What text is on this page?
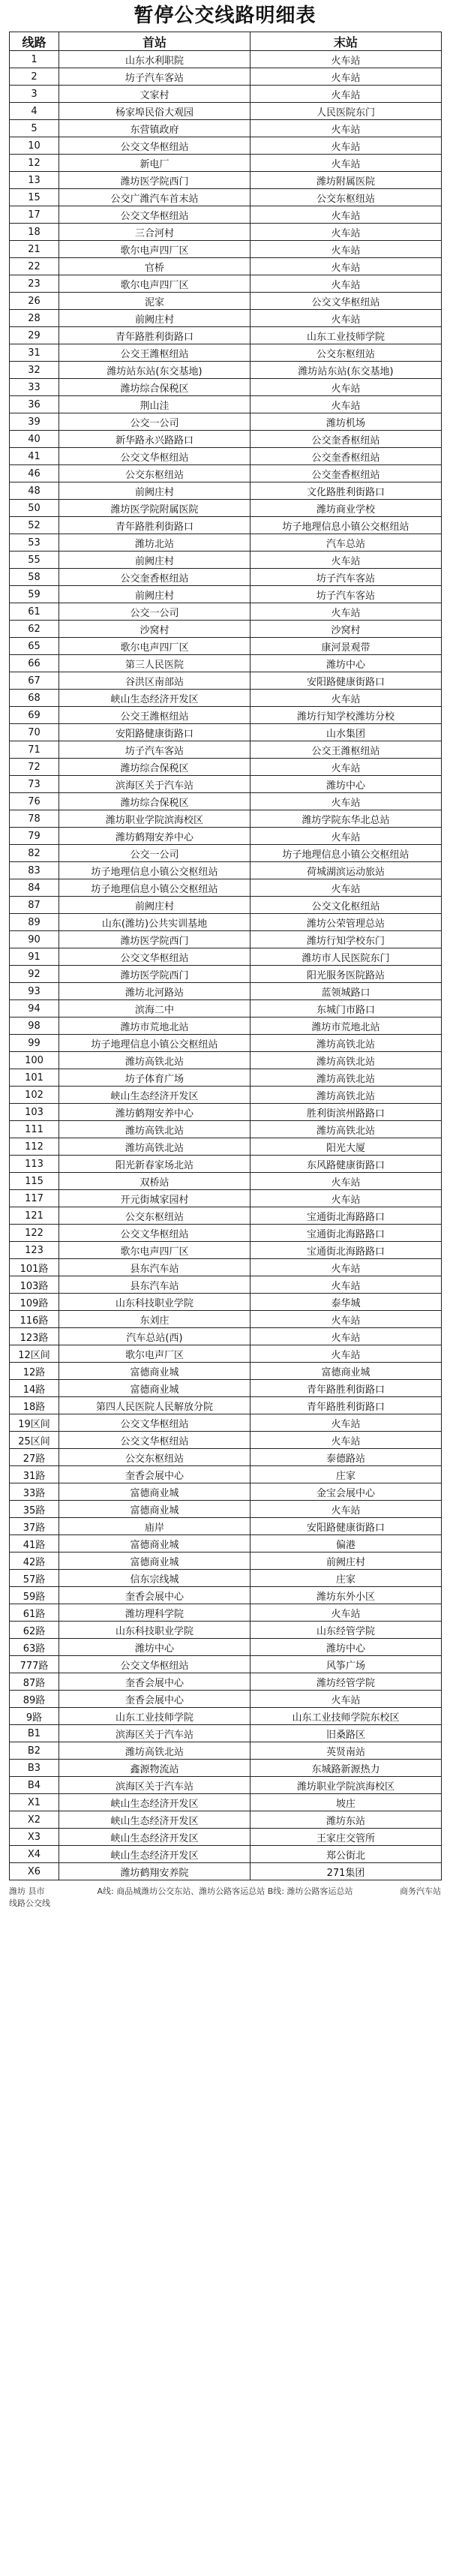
暂停公交线路明细表
线路	首站	末站
1	山东水利职院	火车站
2	坊子汽车客站	火车站
3	文家村	火车站
4	杨家埠民俗大观园	人民医院东门
5	东营镇政府	火车站
10	公交文华枢纽站	火车站
12	新电厂	火车站
13	潍坊医学院西门	潍坊附属医院
15	公交广潍汽车首末站	公交东枢纽站
17	公交文华枢纽站	火车站
18	三合河村	火车站
21	歌尔电声四厂区	火车站
22	官桥	火车站
23	歌尔电声四厂区	火车站
26	泥家	公交文华枢纽站
28	前阙庄村	火车站
29	青年路胜利街路口	山东工业技师学院
31	公交王潍枢纽站	公交东枢纽站
32	潍坊站东站(东交基地)	潍坊站东站(东交基地)
33	潍坊综合保税区	火车站
36	荆山洼	火车站
39	公交一公司	潍坊机场
40	新华路永兴路路口	公交奎香枢纽站
41	公交文华枢纽站	公交奎香枢纽站
46	公交东枢纽站	公交奎香枢纽站
48	前阙庄村	文化路胜利街路口
50	潍坊医学院附属医院	潍坊商业学校
52	青年路胜利街路口	坊子地理信息小镇公交枢纽站
53	潍坊北站	汽车总站
55	前阙庄村	火车站
58	公交奎香枢纽站	坊子汽车客站
59	前阙庄村	坊子汽车客站
61	公交一公司	火车站
62	沙窝村	沙窝村
65	歌尔电声四厂区	康河景观带
66	第三人民医院	潍坊中心
67	谷洪区南部站	安阳路健康街路口
68	峡山生态经济开发区	火车站
69	公交王潍枢纽站	潍坊行知学校潍坊分校
70	安阳路健康街路口	山水集团
71	坊子汽车客站	公交王潍枢纽站
72	潍坊综合保税区	火车站
73	滨海区关于汽车站	潍坊中心
76	潍坊综合保税区	火车站
78	潍坊职业学院滨海校区	潍坊学院东华北总站
79	潍坊鹤翔安养中心	火车站
82	公交一公司	坊子地理信息小镇公交枢纽站
83	坊子地理信息小镇公交枢纽站	荷城湖滨运动旅站
84	坊子地理信息小镇公交枢纽站	火车站
87	前阙庄村	公交文化枢纽站
89	山东(潍坊)公共实训基地	潍坊公荣管理总站
90	潍坊医学院西门	潍坊行知学校东门
91	公交文华枢纽站	潍坊市人民医院东门
92	潍坊医学院西门	阳光服务医院路站
93	潍坊北河路站	蓝领城路口
94	滨海二中	东城门市路口
98	潍坊市荒地北站	潍坊市荒地北站
99	坊子地理信息小镇公交枢纽站	潍坊高铁北站
100	潍坊高铁北站	潍坊高铁北站
101	坊子体育广场	潍坊高铁北站
102	峡山生态经济开发区	潍坊高铁北站
103	潍坊鹤翔安养中心	胜利街滨州路路口
111	潍坊高铁北站	潍坊高铁北站
112	潍坊高铁北站	阳光大厦
113	阳光新春家场北站	东风路健康街路口
115	双桥站	火车站
117	开元街城家园村	火车站
121	公交东枢纽站	宝通街北海路路口
122	公交文华枢纽站	宝通街北海路路口
123	歌尔电声四厂区	宝通街北海路路口
101路	县东汽车站	火车站
103路	县东汽车站	火车站
109路	山东科技职业学院	泰华城
116路	东刘庄	火车站
123路	汽车总站(西)	火车站
12区间	歌尔电声厂区	火车站
12路	富德商业城	富德商业城
14路	富德商业城	青年路胜利街路口
18路	第四人民医院人民解放分院	青年路胜利街路口
19区间	公交文华枢纽站	火车站
25区间	公交文华枢纽站	火车站
27路	公交东枢纽站	泰德路站
31路	奎香会展中心	庄家
33路	富德商业城	金宝会展中心
35路	富德商业城	火车站
37路	庙岸	安阳路健康街路口
41路	富德商业城	偏港
42路	富德商业城	前阙庄村
57路	信东宗线城	庄家
59路	奎香会展中心	潍坊东外小区
61路	潍坊理科学院	火车站
62路	山东科技职业学院	山东经管学院
63路	潍坊中心	潍坊中心
777路	公交文华枢纽站	风筝广场
87路	奎香会展中心	潍坊经管学院
89路	奎香会展中心	火车站
9路	山东工业技师学院	山东工业技师学院东校区
B1	滨海区关于汽车站	旧桑路区
B2	潍坊高铁北站	英贤南站
B3	鑫源物流站	东城路新源热力
B4	滨海区关于汽车站	潍坊职业学院滨海校区
X1	峡山生态经济开发区	坡庄
X2	峡山生态经济开发区	潍坊东站
X3	峡山生态经济开发区	王家庄交管所
X4	峡山生态经济开发区	郑公街北
X6	潍坊鹤翔安养院	271集团
潍坊 县市
线路公交线
A线: 商品城潍坊公交东站、潍坊公路客运总站 B线: 潍坊公路客运总站	商务汽车站
